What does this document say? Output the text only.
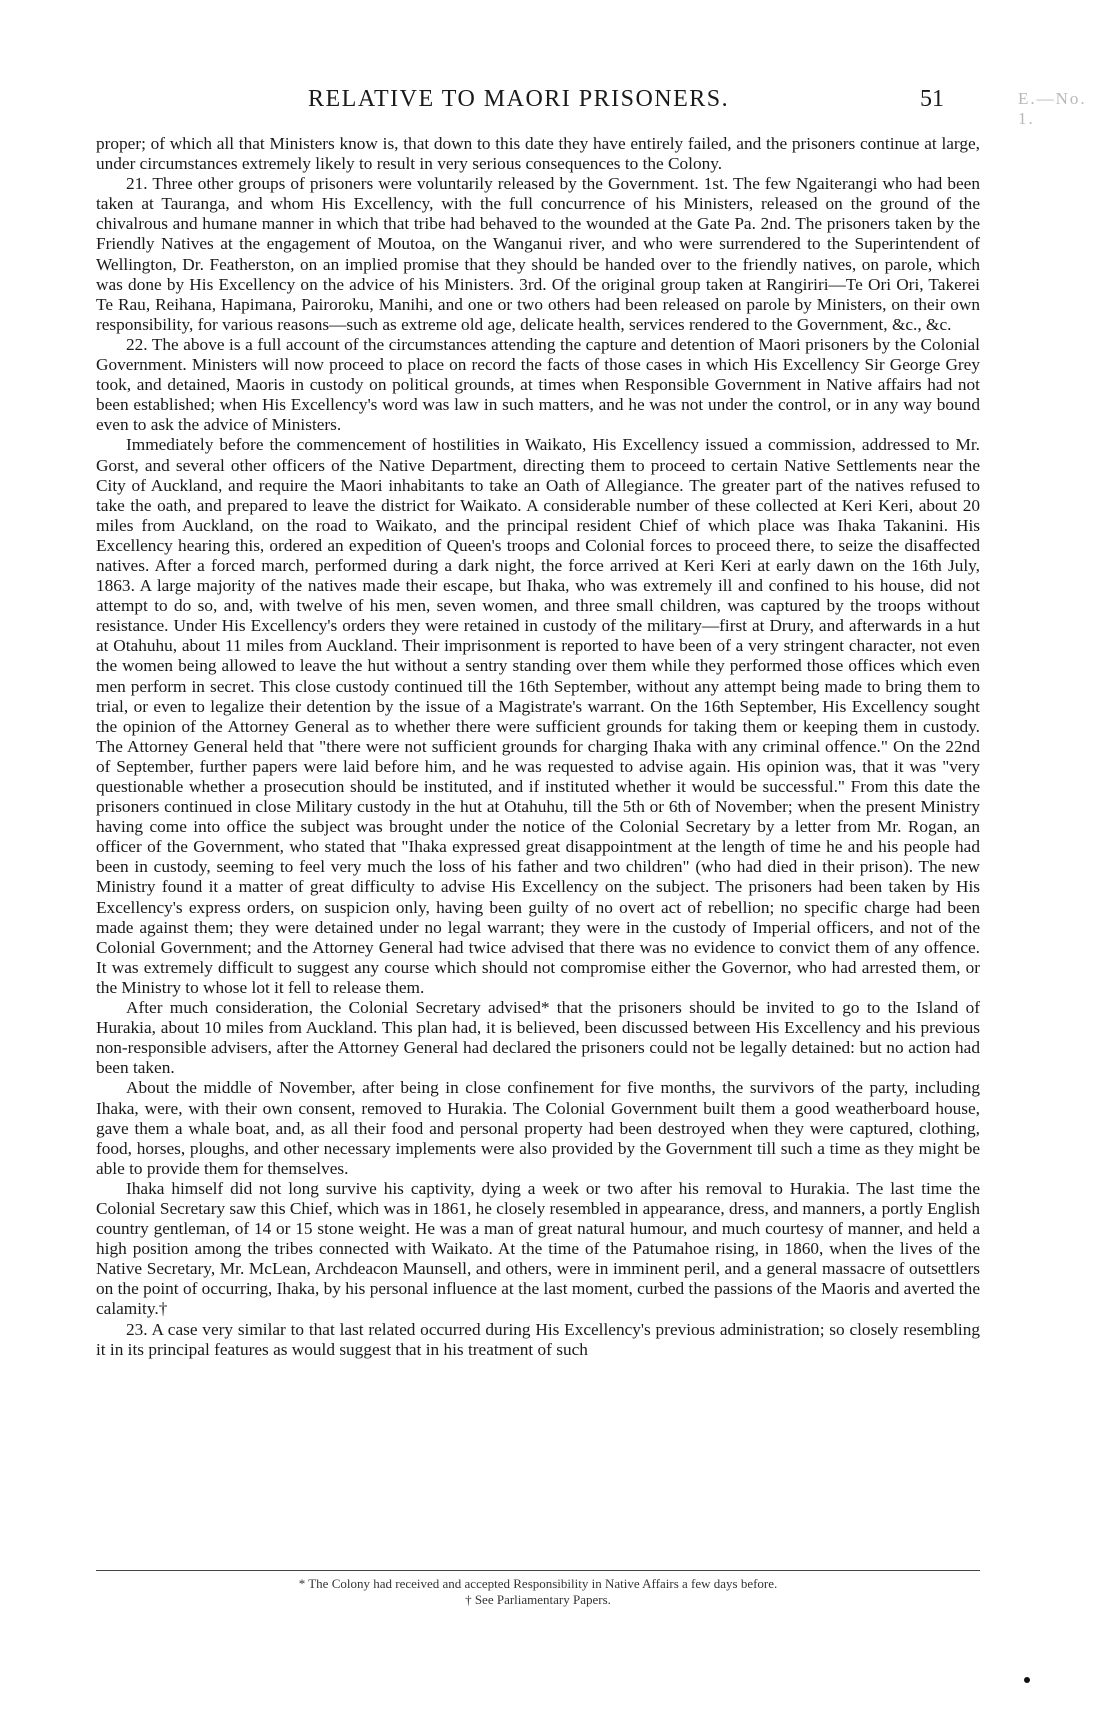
RELATIVE TO MAORI PRISONERS.	51	E.—No. 1.

proper; of which all that Ministers know is, that down to this date they have entirely failed, and the prisoners continue at large, under circumstances extremely likely to result in very serious consequences to the Colony.

21. Three other groups of prisoners were voluntarily released by the Government. 1st. The few Ngaiterangi who had been taken at Tauranga, and whom His Excellency, with the full concurrence of his Ministers, released on the ground of the chivalrous and humane manner in which that tribe had behaved to the wounded at the Gate Pa. 2nd. The prisoners taken by the Friendly Natives at the engagement of Moutoa, on the Wanganui river, and who were surrendered to the Superintendent of Wellington, Dr. Featherston, on an implied promise that they should be handed over to the friendly natives, on parole, which was done by His Excellency on the advice of his Ministers. 3rd. Of the original group taken at Rangiriri—Te Ori Ori, Takerei Te Rau, Reihana, Hapimana, Pairoroku, Manihi, and one or two others had been released on parole by Ministers, on their own responsibility, for various reasons—such as extreme old age, delicate health, services rendered to the Government, &c., &c.

22. The above is a full account of the circumstances attending the capture and detention of Maori prisoners by the Colonial Government. Ministers will now proceed to place on record the facts of those cases in which His Excellency Sir George Grey took, and detained, Maoris in custody on political grounds, at times when Responsible Government in Native affairs had not been established; when His Excellency's word was law in such matters, and he was not under the control, or in any way bound even to ask the advice of Ministers.

Immediately before the commencement of hostilities in Waikato, His Excellency issued a commission, addressed to Mr. Gorst, and several other officers of the Native Department, directing them to proceed to certain Native Settlements near the City of Auckland, and require the Maori inhabitants to take an Oath of Allegiance. The greater part of the natives refused to take the oath, and prepared to leave the district for Waikato. A considerable number of these collected at Keri Keri, about 20 miles from Auckland, on the road to Waikato, and the principal resident Chief of which place was Ihaka Takanini. His Excellency hearing this, ordered an expedition of Queen's troops and Colonial forces to proceed there, to seize the disaffected natives. After a forced march, performed during a dark night, the force arrived at Keri Keri at early dawn on the 16th July, 1863. A large majority of the natives made their escape, but Ihaka, who was extremely ill and confined to his house, did not attempt to do so, and, with twelve of his men, seven women, and three small children, was captured by the troops without resistance. Under His Excellency's orders they were retained in custody of the military—first at Drury, and afterwards in a hut at Otahuhu, about 11 miles from Auckland. Their imprisonment is reported to have been of a very stringent character, not even the women being allowed to leave the hut without a sentry standing over them while they performed those offices which even men perform in secret. This close custody continued till the 16th September, without any attempt being made to bring them to trial, or even to legalize their detention by the issue of a Magistrate's warrant. On the 16th September, His Excellency sought the opinion of the Attorney General as to whether there were sufficient grounds for taking them or keeping them in custody. The Attorney General held that "there were not sufficient grounds for charging Ihaka with any criminal offence." On the 22nd of September, further papers were laid before him, and he was requested to advise again. His opinion was, that it was "very questionable whether a prosecution should be instituted, and if instituted whether it would be successful." From this date the prisoners continued in close Military custody in the hut at Otahuhu, till the 5th or 6th of November; when the present Ministry having come into office the subject was brought under the notice of the Colonial Secretary by a letter from Mr. Rogan, an officer of the Government, who stated that "Ihaka expressed great disappointment at the length of time he and his people had been in custody, seeming to feel very much the loss of his father and two children" (who had died in their prison). The new Ministry found it a matter of great difficulty to advise His Excellency on the subject. The prisoners had been taken by His Excellency's express orders, on suspicion only, having been guilty of no overt act of rebellion; no specific charge had been made against them; they were detained under no legal warrant; they were in the custody of Imperial officers, and not of the Colonial Government; and the Attorney General had twice advised that there was no evidence to convict them of any offence. It was extremely difficult to suggest any course which should not compromise either the Governor, who had arrested them, or the Ministry to whose lot it fell to release them.

After much consideration, the Colonial Secretary advised* that the prisoners should be invited to go to the Island of Hurakia, about 10 miles from Auckland. This plan had, it is believed, been discussed between His Excellency and his previous non-responsible advisers, after the Attorney General had declared the prisoners could not be legally detained: but no action had been taken.

About the middle of November, after being in close confinement for five months, the survivors of the party, including Ihaka, were, with their own consent, removed to Hurakia. The Colonial Government built them a good weatherboard house, gave them a whale boat, and, as all their food and personal property had been destroyed when they were captured, clothing, food, horses, ploughs, and other necessary implements were also provided by the Government till such a time as they might be able to provide them for themselves.

Ihaka himself did not long survive his captivity, dying a week or two after his removal to Hurakia. The last time the Colonial Secretary saw this Chief, which was in 1861, he closely resembled in appearance, dress, and manners, a portly English country gentleman, of 14 or 15 stone weight. He was a man of great natural humour, and much courtesy of manner, and held a high position among the tribes connected with Waikato. At the time of the Patumahoe rising, in 1860, when the lives of the Native Secretary, Mr. McLean, Archdeacon Maunsell, and others, were in imminent peril, and a general massacre of outsettlers on the point of occurring, Ihaka, by his personal influence at the last moment, curbed the passions of the Maoris and averted the calamity.†

23. A case very similar to that last related occurred during His Excellency's previous administration; so closely resembling it in its principal features as would suggest that in his treatment of such

* The Colony had received and accepted Responsibility in Native Affairs a few days before.
† See Parliamentary Papers.
